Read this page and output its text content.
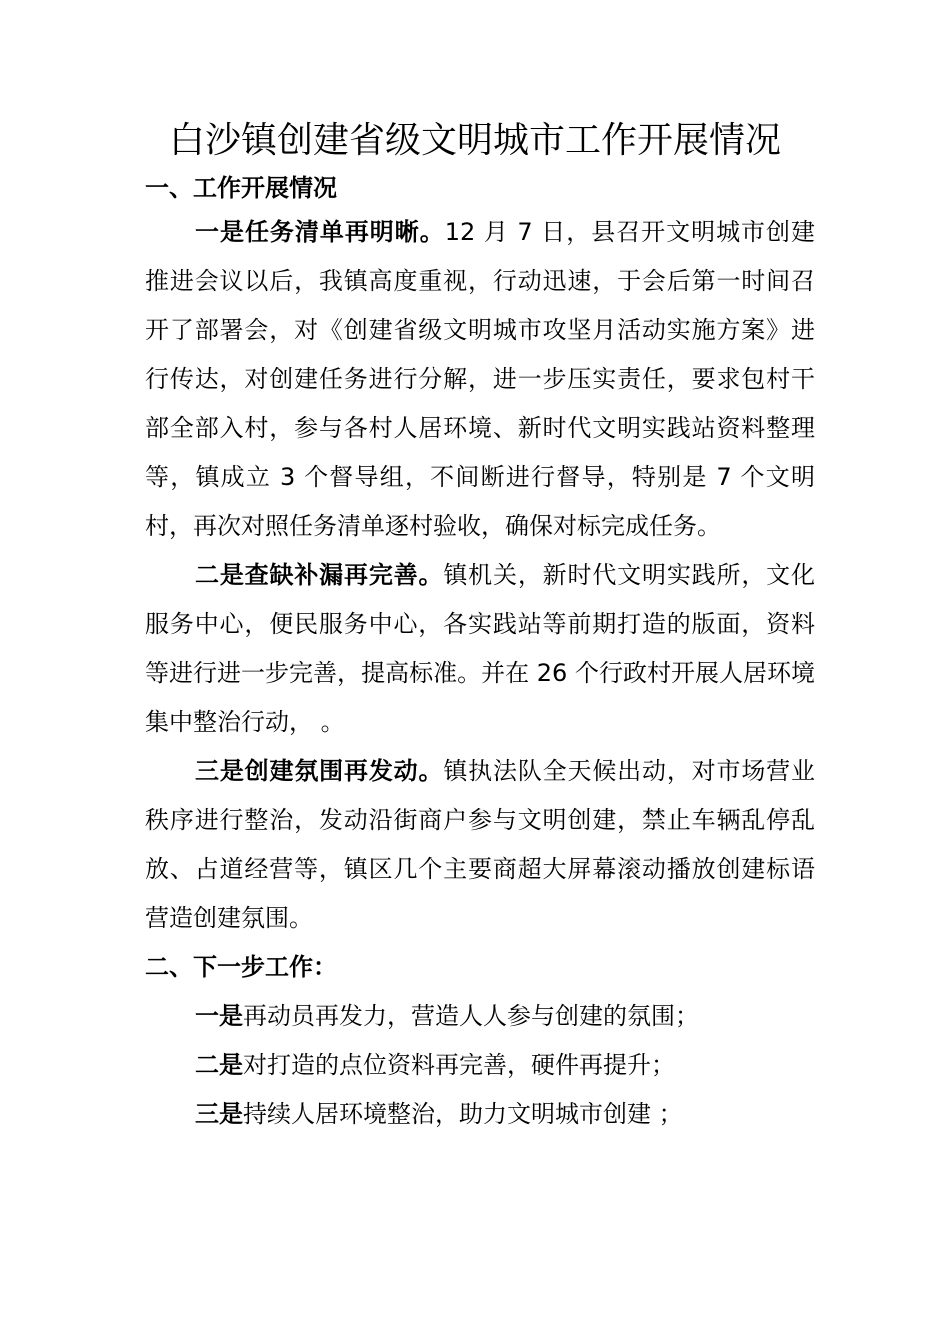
白沙镇创建省级文明城市工作开展情况

一、工作开展情况

一是任务清单再明晰。12 月 7 日，县召开文明城市创建推进会议以后，我镇高度重视，行动迅速，于会后第一时间召开了部署会，对《创建省级文明城市攻坚月活动实施方案》进行传达，对创建任务进行分解，进一步压实责任，要求包村干部全部入村，参与各村人居环境、新时代文明实践站资料整理等，镇成立 3 个督导组，不间断进行督导，特别是 7 个文明村，再次对照任务清单逐村验收，确保对标完成任务。

二是查缺补漏再完善。镇机关，新时代文明实践所，文化服务中心，便民服务中心，各实践站等前期打造的版面，资料等进行进一步完善，提高标准。并在 26 个行政村开展人居环境集中整治行动， 。

三是创建氛围再发动。镇执法队全天候出动，对市场营业秩序进行整治，发动沿街商户参与文明创建，禁止车辆乱停乱放、占道经营等，镇区几个主要商超大屏幕滚动播放创建标语营造创建氛围。

二、下一步工作：

一是再动员再发力，营造人人参与创建的氛围；

二是对打造的点位资料再完善，硬件再提升；

三是持续人居环境整治，助力文明城市创建 ；
